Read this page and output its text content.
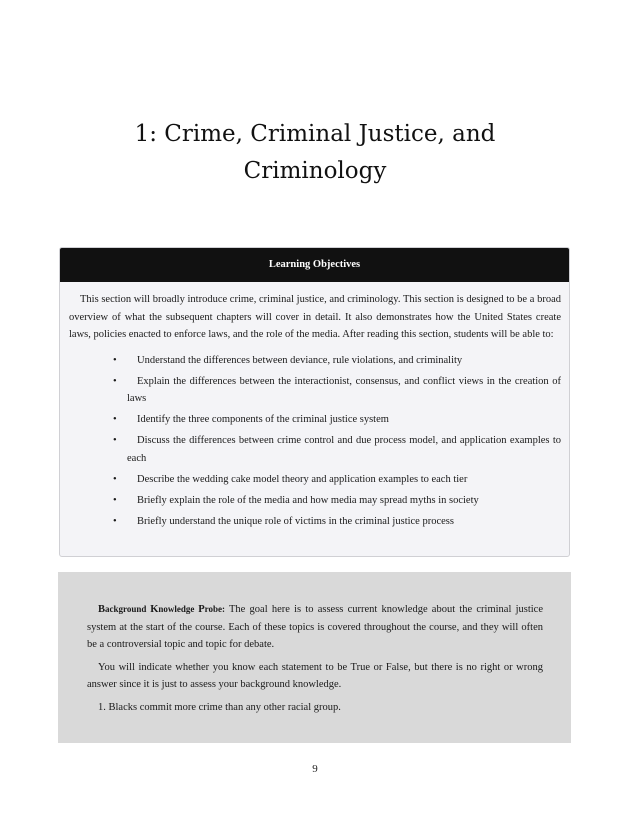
1: Crime, Criminal Justice, and
Criminology
Learning Objectives

This section will broadly introduce crime, criminal justice, and criminology. This section is designed to be a broad overview of what the subsequent chapters will cover in detail. It also demonstrates how the United States create laws, policies enacted to enforce laws, and the role of the media. After reading this section, students will be able to:

• Understand the differences between deviance, rule violations, and criminality
• Explain the differences between the interactionist, consensus, and conflict views in the creation of laws
• Identify the three components of the criminal justice system
• Discuss the differences between crime control and due process model, and application examples to each
• Describe the wedding cake model theory and application examples to each tier
• Briefly explain the role of the media and how media may spread myths in society
• Briefly understand the unique role of victims in the criminal justice process

Background Knowledge Probe: The goal here is to assess current knowledge about the criminal justice system at the start of the course. Each of these topics is covered throughout the course, and they will often be a controversial topic and topic for debate.

You will indicate whether you know each statement to be True or False, but there is no right or wrong answer since it is just to assess your background knowledge.

1. Blacks commit more crime than any other racial group.

9
